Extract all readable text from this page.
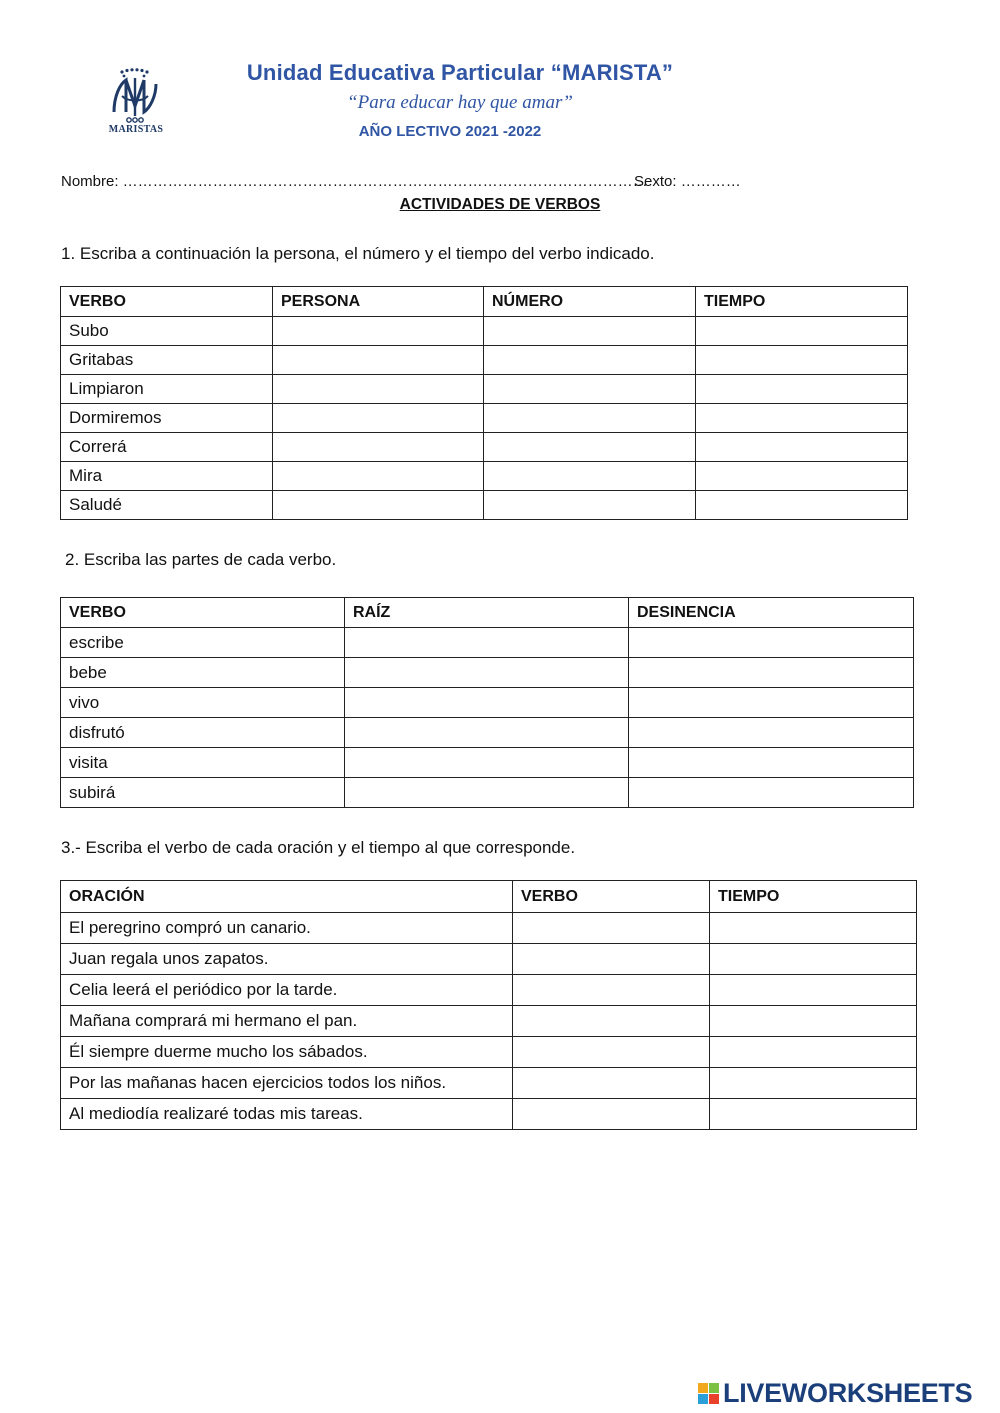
MARISTAS
Unidad Educativa Particular “MARISTA”
“Para educar hay que amar”
AÑO LECTIVO 2021 -2022
Nombre: ……………………………………………………………………………………………
Sexto: …………
ACTIVIDADES DE VERBOS
1. Escriba a continuación la persona, el número y el tiempo del verbo indicado.
VERBO	PERSONA	NÚMERO	TIEMPO
Subo			
Gritabas			
Limpiaron			
Dormiremos			
Correrá			
Mira			
Saludé			
2. Escriba las partes de cada verbo.
VERBO	RAÍZ	DESINENCIA
escribe		
bebe		
vivo		
disfrutó		
visita		
subirá		
3.- Escriba el verbo de cada oración y el tiempo al que corresponde.
ORACIÓN	VERBO	TIEMPO
El peregrino compró un canario.		
Juan regala unos zapatos.		
Celia leerá el periódico por la tarde.		
Mañana comprará mi hermano el pan.		
Él siempre duerme mucho los sábados.		
Por las mañanas hacen ejercicios todos los niños.		
Al mediodía realizaré todas mis tareas.		
LIVEWORKSHEETS
